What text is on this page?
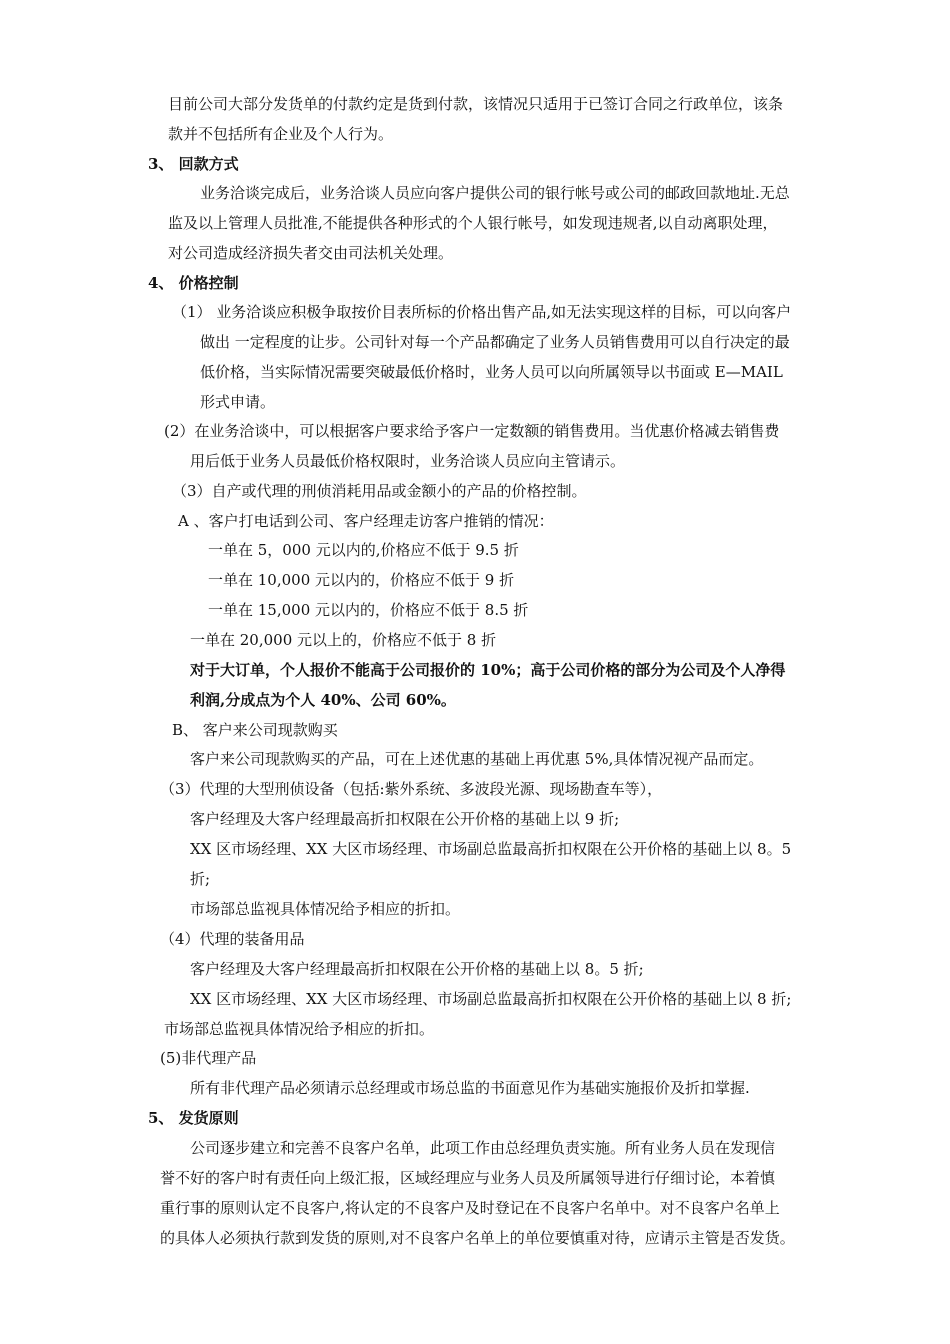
目前公司大部分发货单的付款约定是货到付款，该情况只适用于已签订合同之行政单位，该条
款并不包括所有企业及个人行为。
3、 回款方式
业务洽谈完成后，业务洽谈人员应向客户提供公司的银行帐号或公司的邮政回款地址.无总
监及以上管理人员批准,不能提供各种形式的个人银行帐号，如发现违规者,以自动离职处理，
对公司造成经济损失者交由司法机关处理。
4、 价格控制
（1） 业务洽谈应积极争取按价目表所标的价格出售产品,如无法实现这样的目标，可以向客户
做出 一定程度的让步。公司针对每一个产品都确定了业务人员销售费用可以自行决定的最
低价格，当实际情况需要突破最低价格时，业务人员可以向所属领导以书面或 E—MAIL
形式申请。
(2）在业务洽谈中，可以根据客户要求给予客户一定数额的销售费用。当优惠价格减去销售费
用后低于业务人员最低价格权限时，业务洽谈人员应向主管请示。
（3）自产或代理的刑侦消耗用品或金额小的产品的价格控制。
A 、客户打电话到公司、客户经理走访客户推销的情况：
一单在 5，000 元以内的,价格应不低于 9.5 折
一单在 10,000 元以内的，价格应不低于 9 折
一单在 15,000 元以内的，价格应不低于 8.5 折
一单在 20,000 元以上的，价格应不低于 8 折
对于大订单，个人报价不能高于公司报价的 10%；高于公司价格的部分为公司及个人净得
利润,分成点为个人 40%、公司 60%。
B、 客户来公司现款购买
客户来公司现款购买的产品，可在上述优惠的基础上再优惠 5%,具体情况视产品而定。
（3）代理的大型刑侦设备（包括:紫外系统、多波段光源、现场勘查车等），
客户经理及大客户经理最高折扣权限在公开价格的基础上以 9 折;
XX 区市场经理、XX 大区市场经理、市场副总监最高折扣权限在公开价格的基础上以 8。5
折;
市场部总监视具体情况给予相应的折扣。
（4）代理的装备用品
客户经理及大客户经理最高折扣权限在公开价格的基础上以 8。5 折;
XX 区市场经理、XX 大区市场经理、市场副总监最高折扣权限在公开价格的基础上以 8 折;
市场部总监视具体情况给予相应的折扣。
(5)非代理产品
所有非代理产品必须请示总经理或市场总监的书面意见作为基础实施报价及折扣掌握.
5、 发货原则
公司逐步建立和完善不良客户名单，此项工作由总经理负责实施。所有业务人员在发现信
誉不好的客户时有责任向上级汇报，区域经理应与业务人员及所属领导进行仔细讨论，本着慎
重行事的原则认定不良客户,将认定的不良客户及时登记在不良客户名单中。对不良客户名单上
的具体人必须执行款到发货的原则,对不良客户名单上的单位要慎重对待，应请示主管是否发货。
